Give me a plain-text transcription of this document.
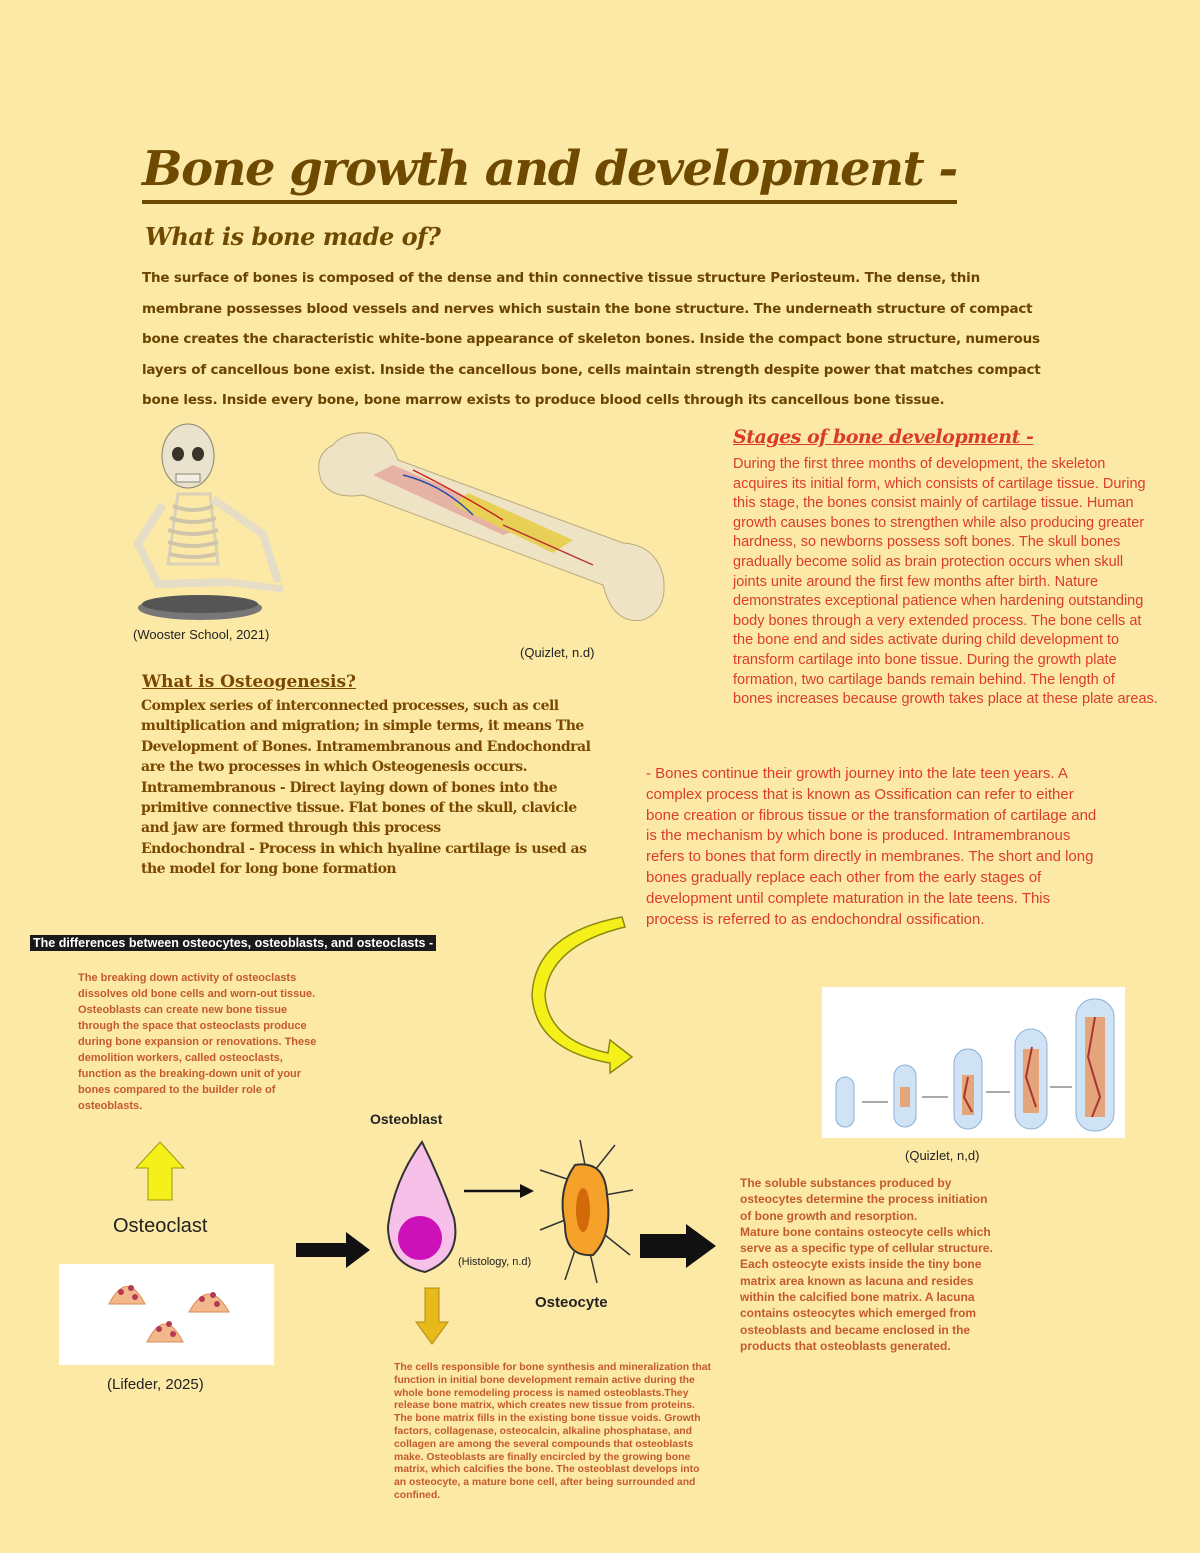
Bone growth and development -
What is bone made of?

The surface of bones is composed of the dense and thin connective tissue structure Periosteum. The dense, thin membrane possesses blood vessels and nerves which sustain the bone structure. The underneath structure of compact bone creates the characteristic white-bone appearance of skeleton bones. Inside the compact bone structure, numerous layers of cancellous bone exist. Inside the cancellous bone, cells maintain strength despite power that matches compact bone less. Inside every bone, bone marrow exists to produce blood cells through its cancellous bone tissue.

(Wooster School, 2021)
(Quizlet, n.d)
Stages of bone development -

During the first three months of development, the skeleton acquires its initial form, which consists of cartilage tissue. During this stage, the bones consist mainly of cartilage tissue. Human growth causes bones to strengthen while also producing greater hardness, so newborns possess soft bones. The skull bones gradually become solid as brain protection occurs when skull joints unite around the first few months after birth. Nature demonstrates exceptional patience when hardening outstanding body bones through a very extended process. The bone cells at the bone end and sides activate during child development to transform cartilage into bone tissue. During the growth plate formation, two cartilage bands remain behind. The length of bones increases because growth takes place at these plate areas.

What is Osteogenesis?

Complex series of interconnected processes, such as cell multiplication and migration; in simple terms, it means The Development of Bones. Intramembranous and Endochondral are the two processes in which Osteogenesis occurs.
Intramembranous - Direct laying down of bones into the primitive connective tissue. Flat bones of the skull, clavicle and jaw are formed through this process
Endochondral - Process in which hyaline cartilage is used as the model for long bone formation

- Bones continue their growth journey into the late teen years. A complex process that is known as Ossification can refer to either bone creation or fibrous tissue or the transformation of cartilage and is the mechanism by which bone is produced. Intramembranous refers to bones that form directly in membranes. The short and long bones gradually replace each other from the early stages of development until complete maturation in the late teens. This process is referred to as endochondral ossification.

(Quizlet, n,d)
The differences between osteocytes, osteoblasts, and osteoclasts -

The breaking down activity of osteoclasts dissolves old bone cells and worn-out tissue. Osteoblasts can create new bone tissue through the space that osteoclasts produce during bone expansion or renovations. These demolition workers, called osteoclasts, function as the breaking-down unit of your bones compared to the builder role of osteoblasts.

Osteoclast
(Lifeder, 2025)
Osteoblast
(Histology, n.d)
Osteocyte

The soluble substances produced by osteocytes determine the process initiation of bone growth and resorption.
Mature bone contains osteocyte cells which serve as a specific type of cellular structure. Each osteocyte exists inside the tiny bone matrix area known as lacuna and resides within the calcified bone matrix. A lacuna contains osteocytes which emerged from osteoblasts and became enclosed in the products that osteoblasts generated.

The cells responsible for bone synthesis and mineralization that function in initial bone development remain active during the whole bone remodeling process is named osteoblasts.They release bone matrix, which creates new tissue from proteins. The bone matrix fills in the existing bone tissue voids. Growth factors, collagenase, osteocalcin, alkaline phosphatase, and collagen are among the several compounds that osteoblasts make. Osteoblasts are finally encircled by the growing bone matrix, which calcifies the bone. The osteoblast develops into an osteocyte, a mature bone cell, after being surrounded and confined.
